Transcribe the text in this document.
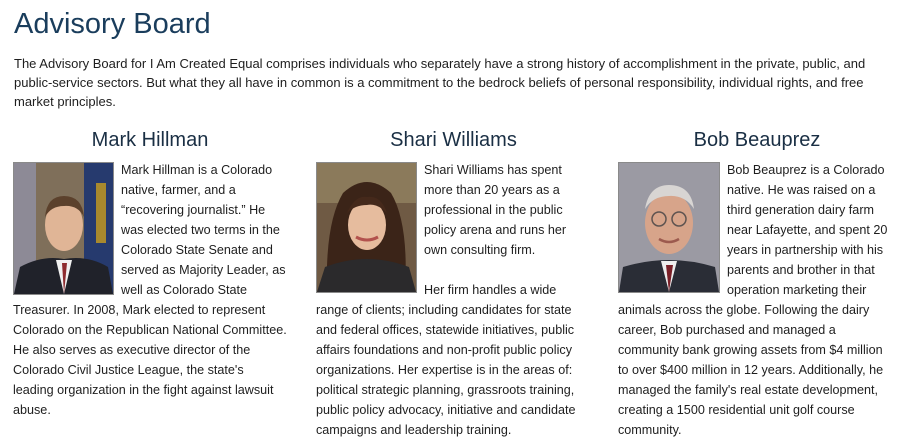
Advisory Board

The Advisory Board for I Am Created Equal comprises individuals who separately have a strong history of accomplishment in the private, public, and public-service sectors. But what they all have in common is a commitment to the bedrock beliefs of personal responsibility, individual rights, and free market principles.

Mark Hillman

Mark Hillman is a Colorado native, farmer, and a “recovering journalist.” He was elected two terms in the Colorado State Senate and served as Majority Leader, as well as Colorado State Treasurer. In 2008, Mark elected to represent Colorado on the Republican National Committee. He also serves as executive director of the Colorado Civil Justice League, the state's leading organization in the fight against lawsuit abuse.

Shari Williams

Shari Williams has spent more than 20 years as a professional in the public policy arena and runs her own consulting firm.

Her firm handles a wide range of clients; including candidates for state and federal offices, statewide initiatives, public affairs foundations and non-profit public policy organizations. Her expertise is in the areas of: political strategic planning, grassroots training, public policy advocacy, initiative and candidate campaigns and leadership training.

Bob Beauprez

Bob Beauprez is a Colorado native. He was raised on a third generation dairy farm near Lafayette, and spent 20 years in partnership with his parents and brother in that operation marketing their animals across the globe. Following the dairy career, Bob purchased and managed a community bank growing assets from $4 million to over $400 million in 12 years. Additionally, he managed the family's real estate development, creating a 1500 residential unit golf course community.
